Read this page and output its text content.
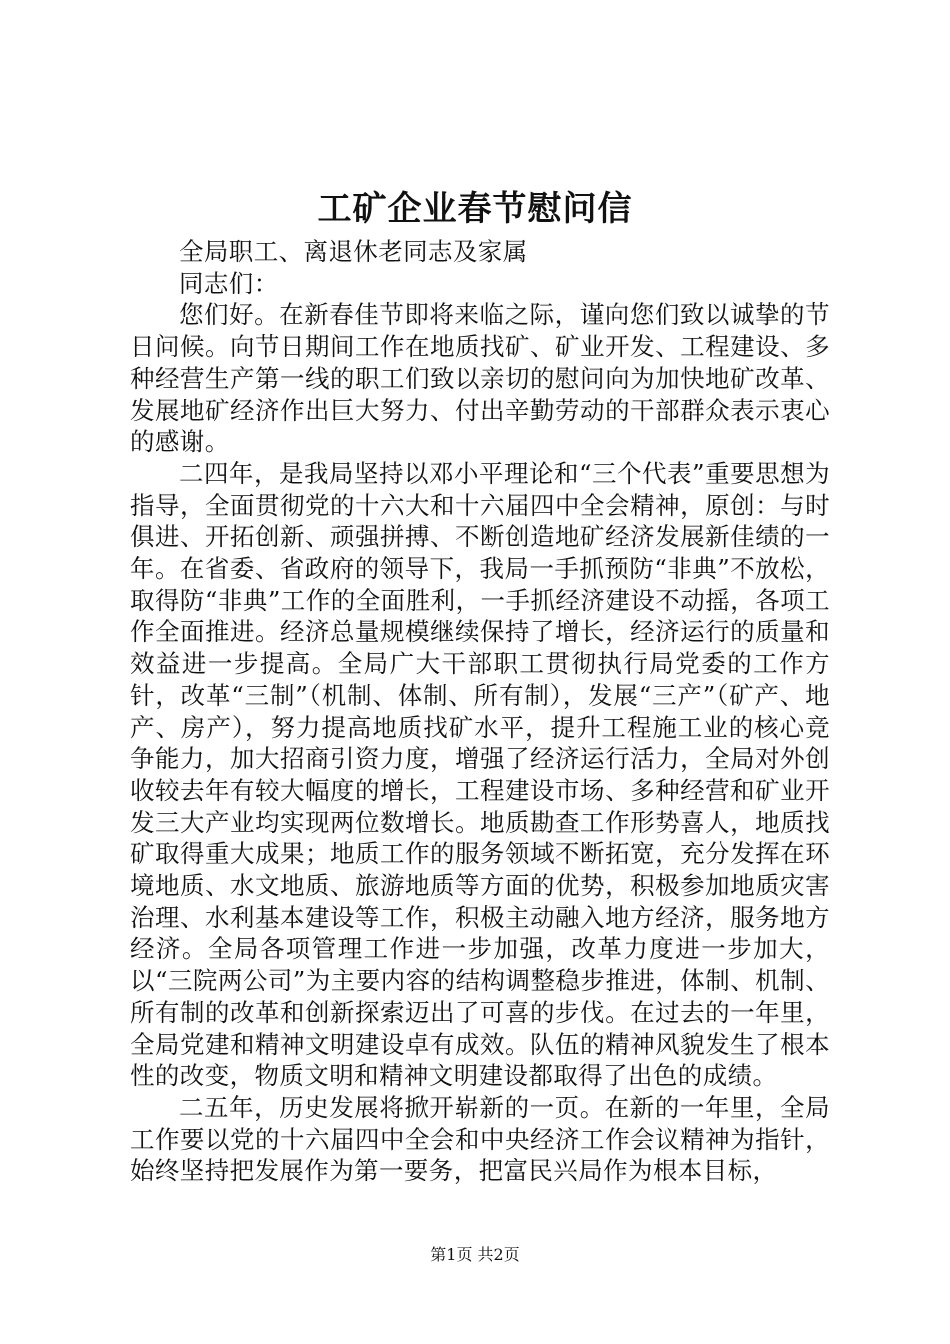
工矿企业春节慰问信

全局职工、离退休老同志及家属

同志们：

您们好。在新春佳节即将来临之际，谨向您们致以诚挚的节日问候。向节日期间工作在地质找矿、矿业开发、工程建设、多种经营生产第一线的职工们致以亲切的慰问向为加快地矿改革、发展地矿经济作出巨大努力、付出辛勤劳动的干部群众表示衷心的感谢。

二四年，是我局坚持以邓小平理论和“三个代表”重要思想为指导，全面贯彻党的十六大和十六届四中全会精神，原创：与时俱进、开拓创新、顽强拼搏、不断创造地矿经济发展新佳绩的一年。在省委、省政府的领导下，我局一手抓预防“非典”不放松，取得防“非典”工作的全面胜利，一手抓经济建设不动摇，各项工作全面推进。经济总量规模继续保持了增长，经济运行的质量和效益进一步提高。全局广大干部职工贯彻执行局党委的工作方针，改革“三制”（机制、体制、所有制），发展“三产”（矿产、地产、房产），努力提高地质找矿水平，提升工程施工业的核心竞争能力，加大招商引资力度，增强了经济运行活力，全局对外创收较去年有较大幅度的增长，工程建设市场、多种经营和矿业开发三大产业均实现两位数增长。地质勘查工作形势喜人，地质找矿取得重大成果；地质工作的服务领域不断拓宽，充分发挥在环境地质、水文地质、旅游地质等方面的优势，积极参加地质灾害治理、水利基本建设等工作，积极主动融入地方经济，服务地方经济。全局各项管理工作进一步加强，改革力度进一步加大，以“三院两公司”为主要内容的结构调整稳步推进，体制、机制、所有制的改革和创新探索迈出了可喜的步伐。在过去的一年里，全局党建和精神文明建设卓有成效。队伍的精神风貌发生了根本性的改变，物质文明和精神文明建设都取得了出色的成绩。

二五年，历史发展将掀开崭新的一页。在新的一年里，全局工作要以党的十六届四中全会和中央经济工作会议精神为指针，始终坚持把发展作为第一要务，把富民兴局作为根本目标，

第1页 共2页
